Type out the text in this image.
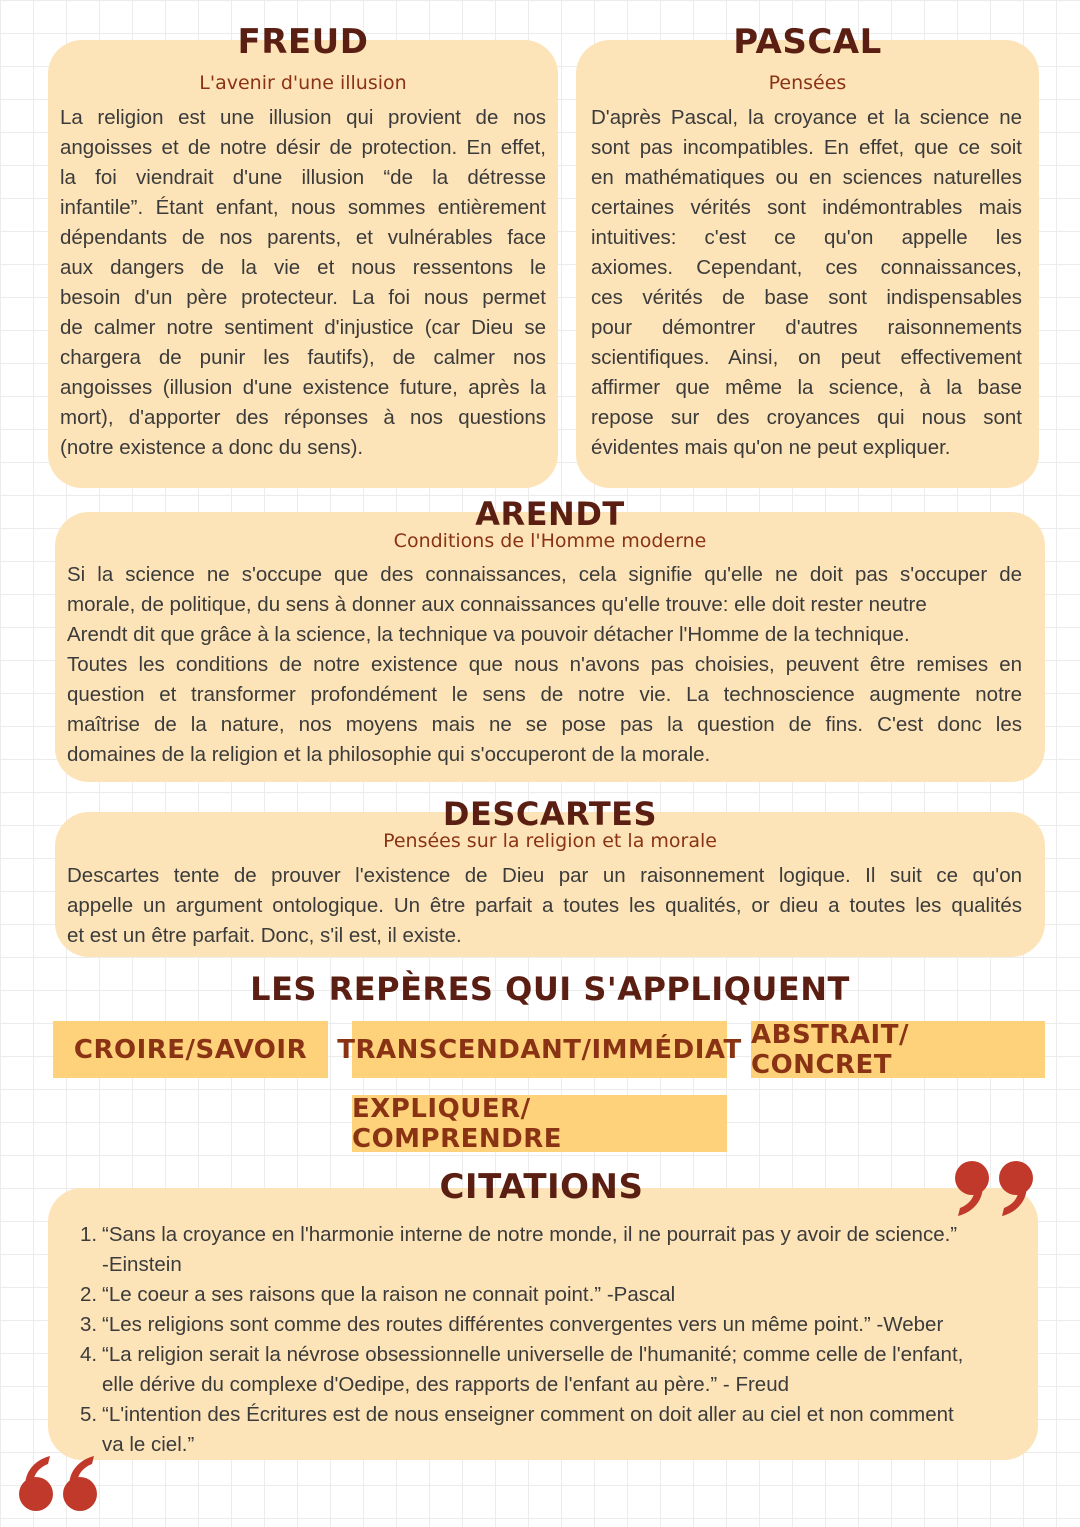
FREUD
L'avenir d'une illusion
La religion est une illusion qui provient de nos
angoisses et de notre désir de protection. En effet,
la foi viendrait d'une illusion “de la détresse
infantile”. Étant enfant, nous sommes entièrement
dépendants de nos parents, et vulnérables face
aux dangers de la vie et nous ressentons le
besoin d'un père protecteur. La foi nous permet
de calmer notre sentiment d'injustice (car Dieu se
chargera de punir les fautifs), de calmer nos
angoisses (illusion d'une existence future, après la
mort), d'apporter des réponses à nos questions
(notre existence a donc du sens).
PASCAL
Pensées
D'après Pascal, la croyance et la science ne
sont pas incompatibles. En effet, que ce soit
en mathématiques ou en sciences naturelles
certaines vérités sont indémontrables mais
intuitives: c'est ce qu'on appelle les
axiomes. Cependant, ces connaissances,
ces vérités de base sont indispensables
pour démontrer d'autres raisonnements
scientifiques. Ainsi, on peut effectivement
affirmer que même la science, à la base
repose sur des croyances qui nous sont
évidentes mais qu'on ne peut expliquer.
ARENDT
Conditions de l'Homme moderne
Si la science ne s'occupe que des connaissances, cela signifie qu'elle ne doit pas s'occuper de
morale, de politique, du sens à donner aux connaissances qu'elle trouve: elle doit rester neutre
Arendt dit que grâce à la science, la technique va pouvoir détacher l'Homme de la technique.
Toutes les conditions de notre existence que nous n'avons pas choisies, peuvent être remises en
question et transformer profondément le sens de notre vie. La technoscience augmente notre
maîtrise de la nature, nos moyens mais ne se pose pas la question de fins. C'est donc les
domaines de la religion et la philosophie qui s'occuperont de la morale.
DESCARTES
Pensées sur la religion et la morale
Descartes tente de prouver l'existence de Dieu par un raisonnement logique. Il suit ce qu'on
appelle un argument ontologique. Un être parfait a toutes les qualités, or dieu a toutes les qualités
et est un être parfait. Donc, s'il est, il existe.
LES REPÈRES QUI S'APPLIQUENT
CROIRE/SAVOIR	TRANSCENDANT/IMMÉDIAT ABSTRAIT/ CONCRET
EXPLIQUER/ COMPRENDRE
CITATIONS
1. “Sans la croyance en l'harmonie interne de notre monde, il ne pourrait pas y avoir de science.”
-Einstein
2. “Le coeur a ses raisons que la raison ne connait point.” -Pascal
3. “Les religions sont comme des routes différentes convergentes vers un même point.” -Weber
4. “La religion serait la névrose obsessionnelle universelle de l'humanité; comme celle de l'enfant,
elle dérive du complexe d'Oedipe, des rapports de l'enfant au père.” - Freud
5. “L'intention des Écritures est de nous enseigner comment on doit aller au ciel et non comment
va le ciel.”
